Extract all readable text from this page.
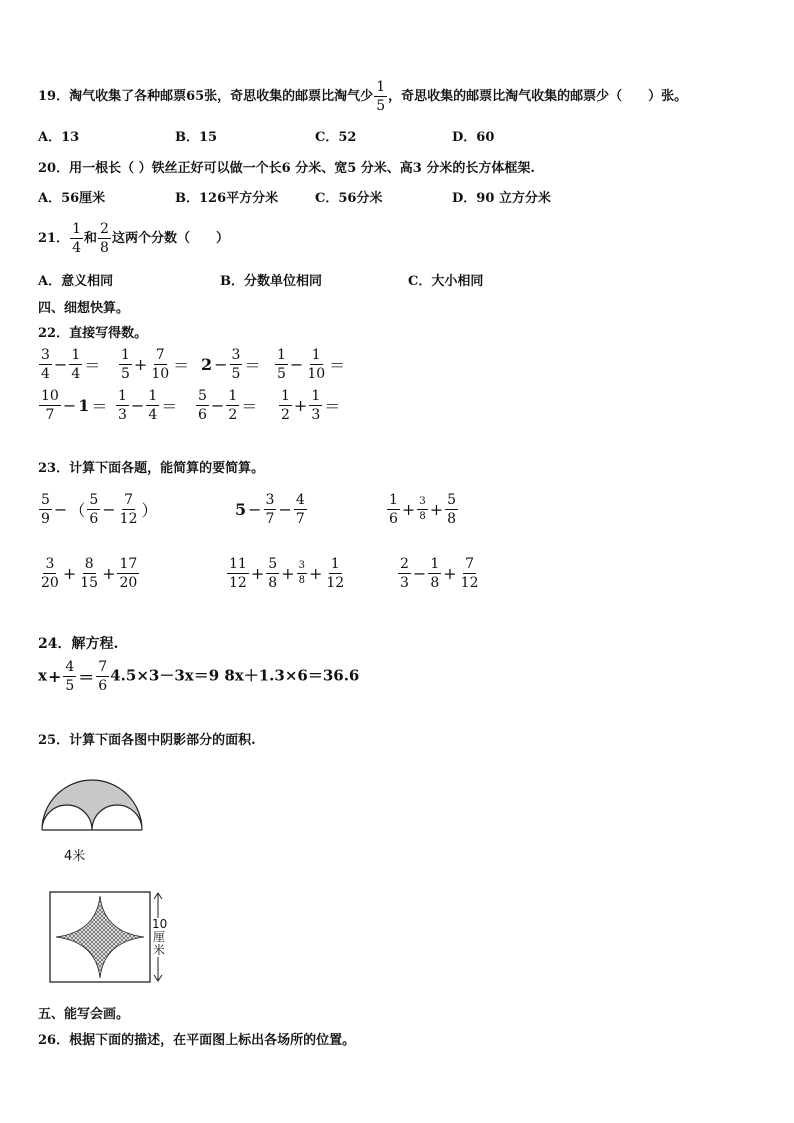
19．淘气收集了各种邮票65张，奇思收集的邮票比淘气少 $\frac{1}{5}$ ，奇思收集的邮票比淘气收集的邮票少（　　）张。
A．13	B．15	C．52	D．60
20．用一根长（ ）铁丝正好可以做一个长6 分米、宽5 分米、高3 分米的长方体框架.
A．56厘米	B．126平方分米	C．56分米	D．90 立方分米
21． $\frac{1}{4}$ 和 $\frac{2}{8}$ 这两个分数（　　）
A．意义相同	B．分数单位相同	C．大小相同
四、细想快算。
22．直接写得数。
$\frac{3}{4} - \frac{1}{4} = \frac{1}{5} + \frac{7}{10} = 2 - \frac{3}{5} = \frac{1}{5} - \frac{1}{10}$ ＝
$\frac{10}{7} - 1 = \frac{1}{3} - \frac{1}{4} = \frac{5}{6} - \frac{1}{2} = \frac{1}{2} + \frac{1}{3}$ ＝
23．计算下面各题，能简算的要简算。
$\frac{5}{9}$ − （ $\frac{5}{6} - \frac{7}{12}$ ）	$5 - \frac{3}{7} - \frac{4}{7}$	$\frac{1}{6} + \frac{3}{8} + \frac{5}{8}$
$\frac{3}{20} + \frac{8}{15} + \frac{17}{20}$	$\frac{11}{12} + \frac{5}{8} + \frac{3}{8} + \frac{1}{12}$	$\frac{2}{3} - \frac{1}{8} + \frac{7}{12}$
24．解方程.
$x+ \frac{4}{5} = \frac{7}{6} 4.5\times 3-3x=9$ 8x＋1.3×6＝36.6
25．计算下面各图中阴影部分的面积.
4米
10
厘
米
五、能写会画。
26．根据下面的描述，在平面图上标出各场所的位置。
